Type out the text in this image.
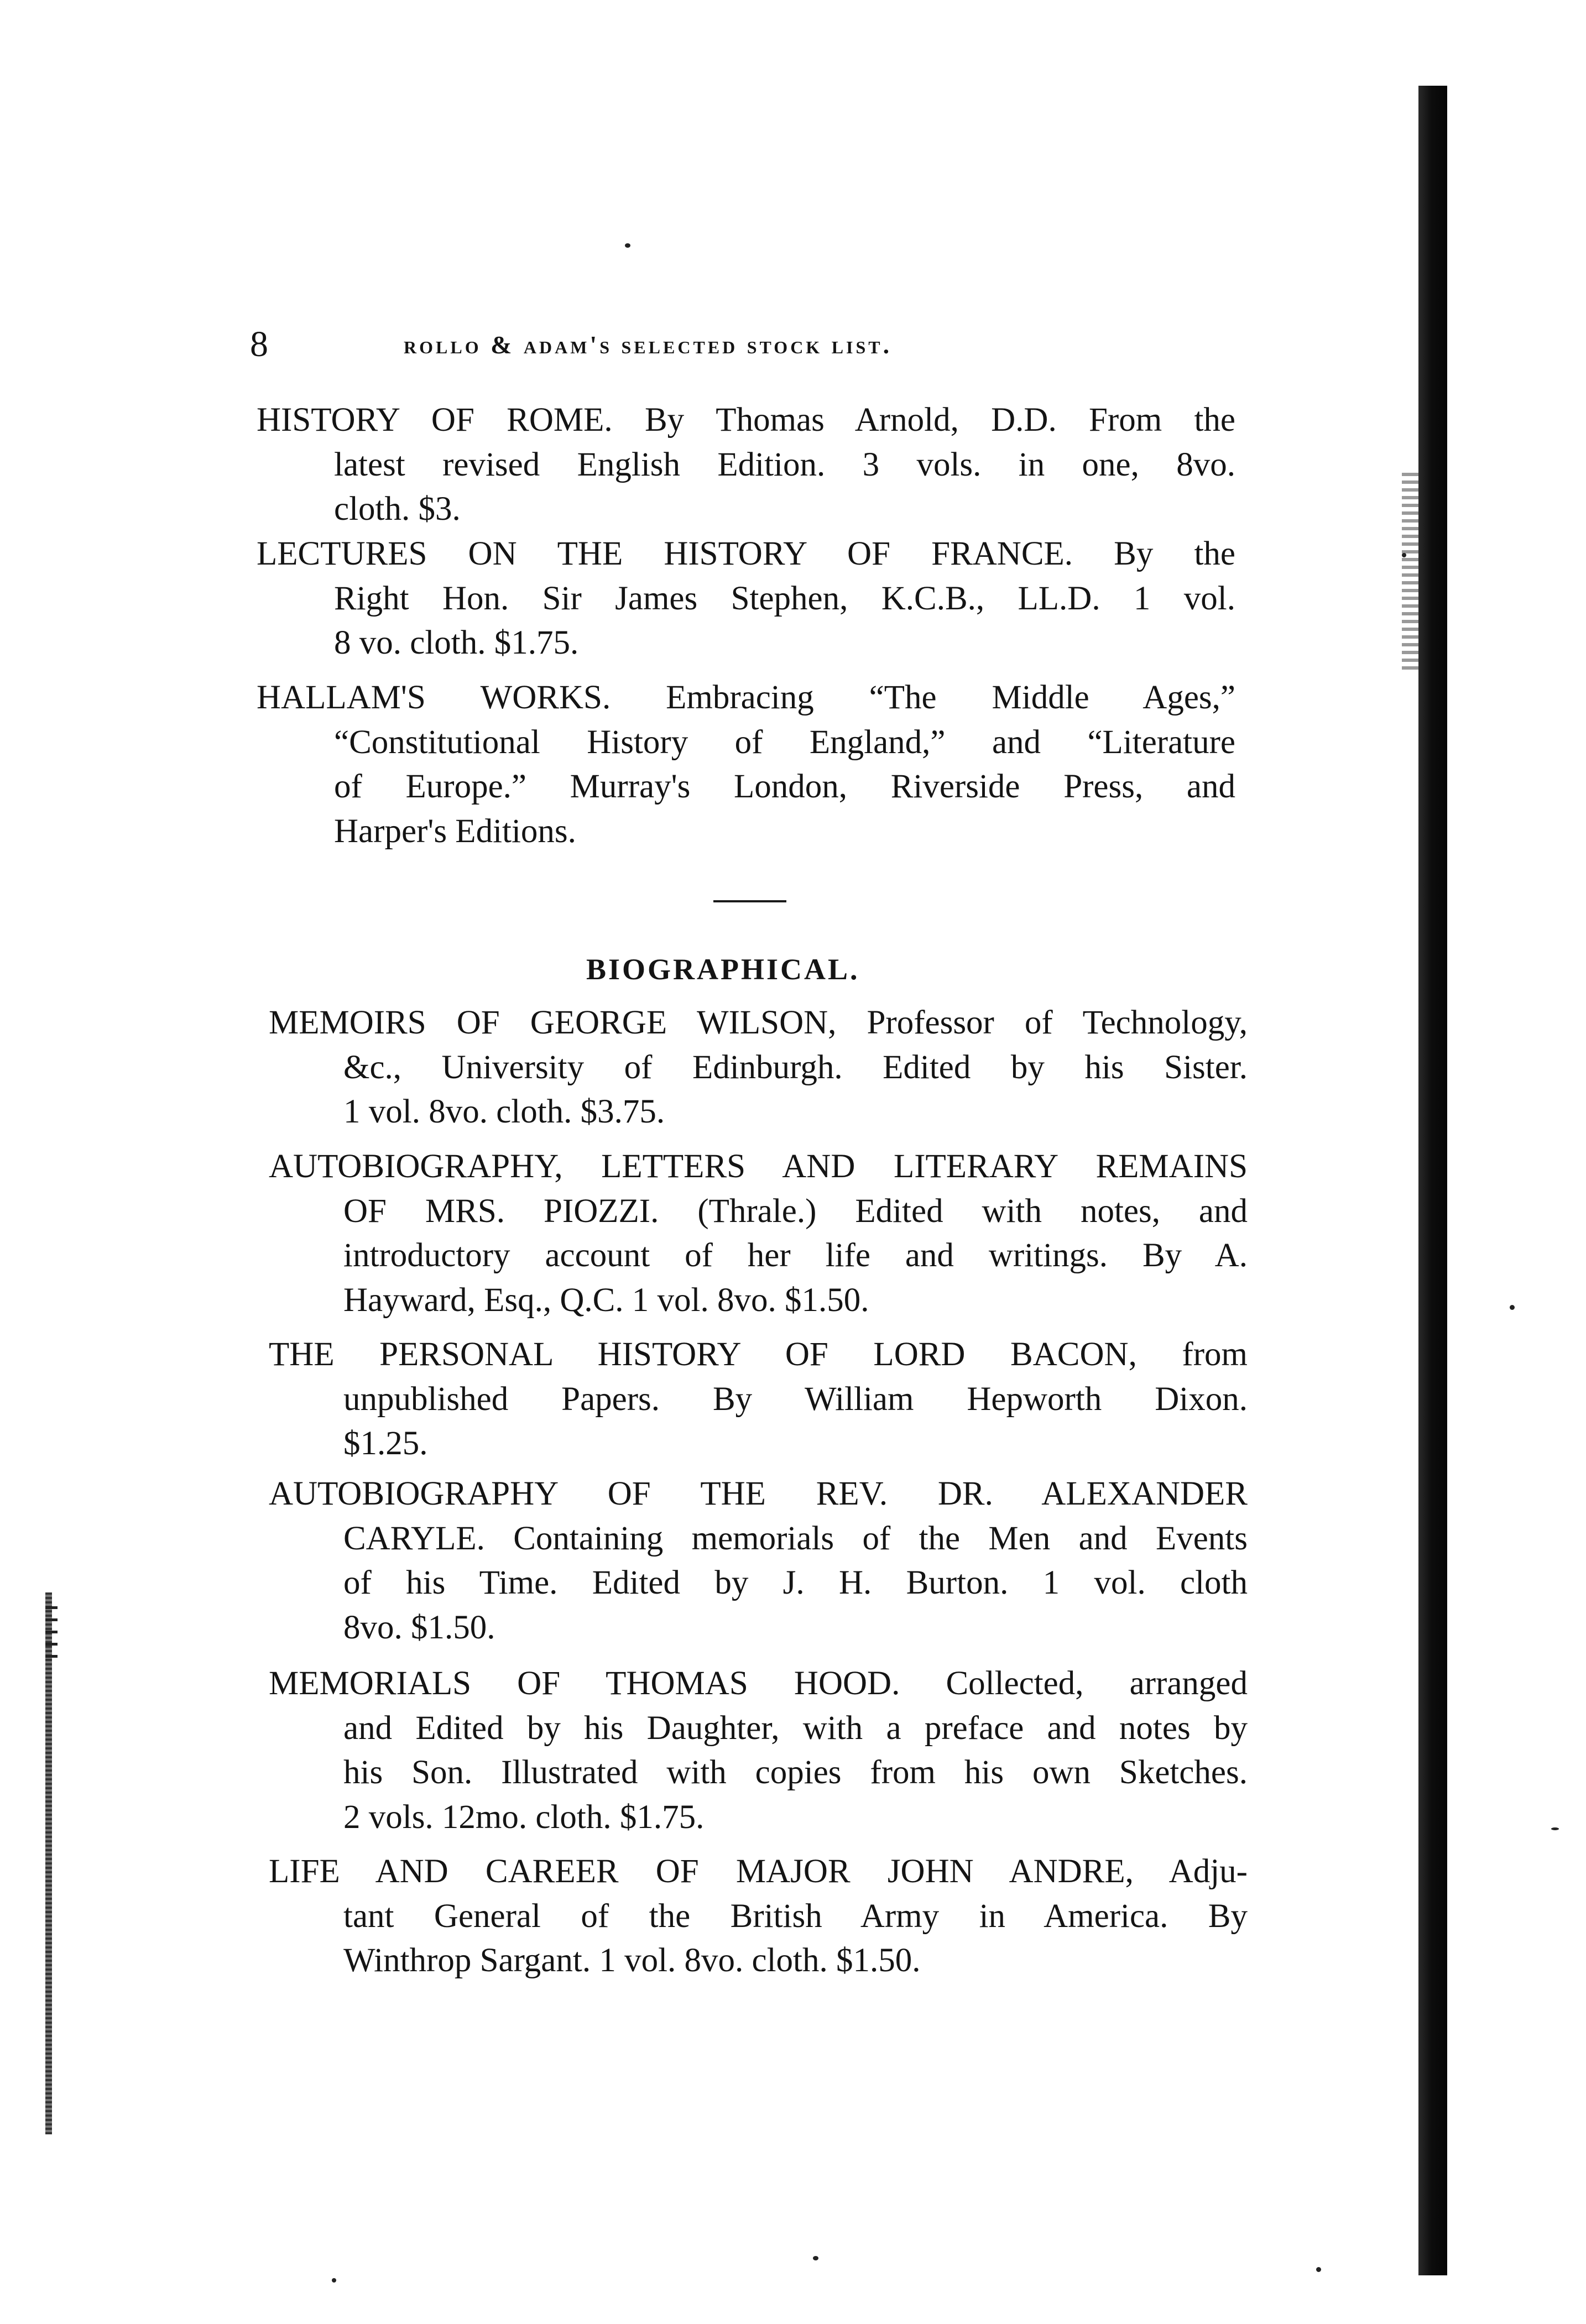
8	rollo & adam's selected stock list.
HISTORY OF ROME. By Thomas Arnold, D.D. From the
latest revised English Edition. 3 vols. in one, 8vo.
cloth. $3.
LECTURES ON THE HISTORY OF FRANCE. By the
Right Hon. Sir James Stephen, K.C.B., LL.D. 1 vol.
8 vo. cloth. $1.75.
HALLAM'S WORKS. Embracing “The Middle Ages,”
“Constitutional History of England,” and “Literature
of Europe.” Murray's London, Riverside Press, and
Harper's Editions.
BIOGRAPHICAL.
MEMOIRS OF GEORGE WILSON, Professor of Technology,
&c., University of Edinburgh. Edited by his Sister.
1 vol. 8vo. cloth. $3.75.
AUTOBIOGRAPHY, LETTERS AND LITERARY REMAINS
OF MRS. PIOZZI. (Thrale.) Edited with notes, and
introductory account of her life and writings. By A.
Hayward, Esq., Q.C. 1 vol. 8vo. $1.50.
THE PERSONAL HISTORY OF LORD BACON, from
unpublished Papers. By William Hepworth Dixon.
$1.25.
AUTOBIOGRAPHY OF THE REV. DR. ALEXANDER
CARYLE. Containing memorials of the Men and Events
of his Time. Edited by J. H. Burton. 1 vol. cloth
8vo. $1.50.
MEMORIALS OF THOMAS HOOD. Collected, arranged
and Edited by his Daughter, with a preface and notes by
his Son. Illustrated with copies from his own Sketches.
2 vols. 12mo. cloth. $1.75.
LIFE AND CAREER OF MAJOR JOHN ANDRE, Adju-
tant General of the British Army in America. By
Winthrop Sargant. 1 vol. 8vo. cloth. $1.50.
